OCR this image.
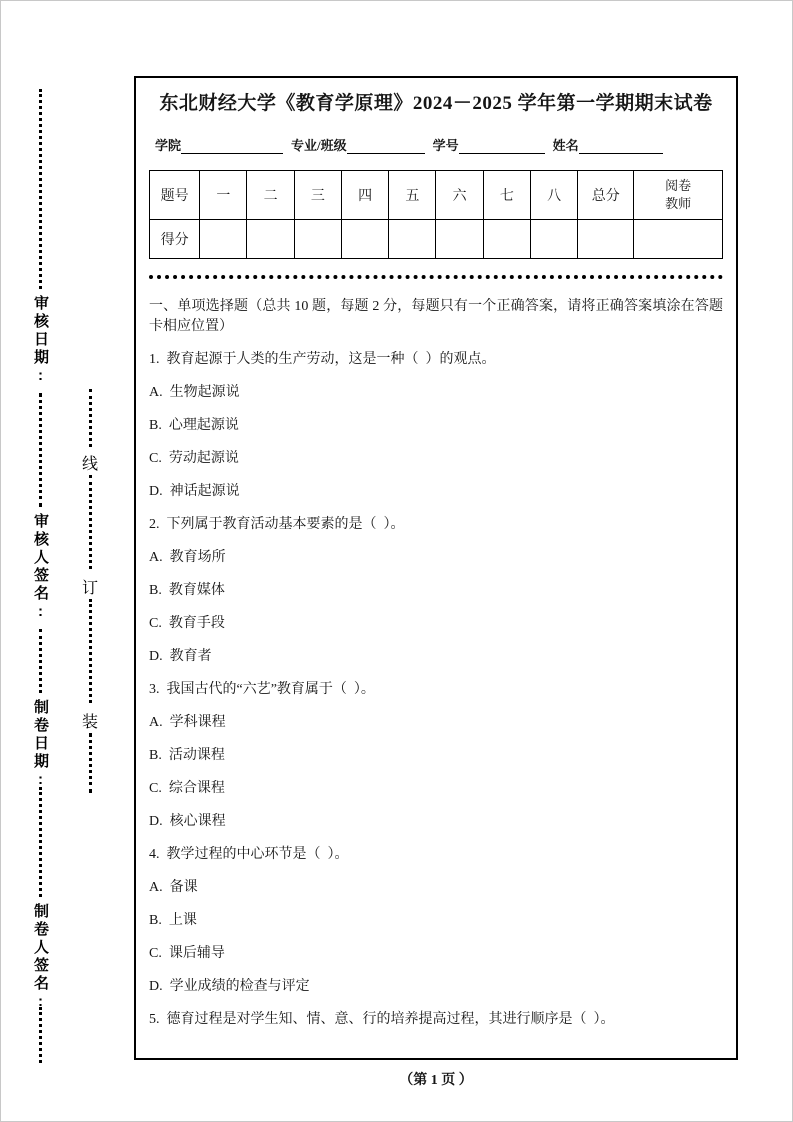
审核日期:
审核人签名:
制卷日期:
制卷人签名:
线
订
装
东北财经大学《教育学原理》2024－2025 学年第一学期期末试卷
学院	专业/班级	学号	姓名
题号	一	二	三	四	五	六	七	八	总分	阅卷教师
得分										
一、单项选择题（总共 10 题，每题 2 分，每题只有一个正确答案，请将正确答案填涂在答题卡相应位置）
1.  教育起源于人类的生产劳动，这是一种（  ）的观点。
A.  生物起源说
B.  心理起源说
C.  劳动起源说
D.  神话起源说
2.  下列属于教育活动基本要素的是（  ）。
A.  教育场所
B.  教育媒体
C.  教育手段
D.  教育者
3.  我国古代的“六艺”教育属于（  ）。
A.  学科课程
B.  活动课程
C.  综合课程
D.  核心课程
4.  教学过程的中心环节是（  ）。
A.  备课
B.  上课
C.  课后辅导
D.  学业成绩的检查与评定
5.  德育过程是对学生知、情、意、行的培养提高过程，其进行顺序是（  ）。
（第 1 页 ）
